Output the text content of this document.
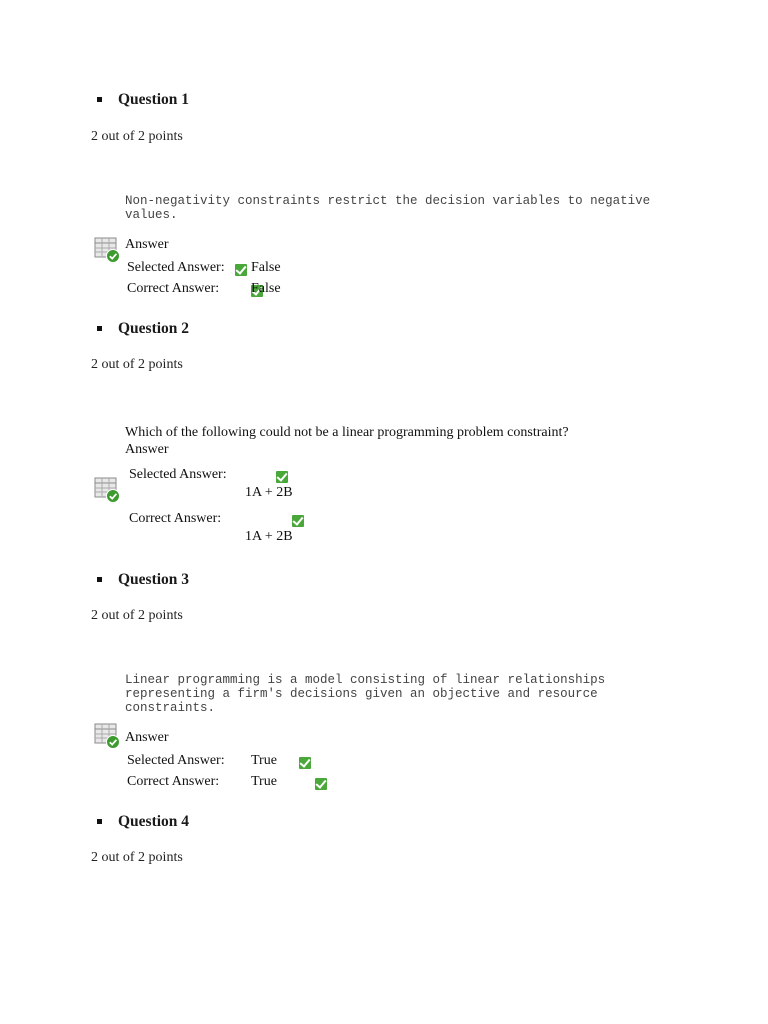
Question 1
2 out of 2 points
Non-negativity constraints restrict the decision variables to negative
values.
Answer
Selected Answer:
False
Correct Answer:
False
Question 2
2 out of 2 points
Which of the following could not be a linear programming problem constraint?
Answer
Selected Answer:

1A + 2B
Correct Answer:

1A + 2B
Question 3
2 out of 2 points
Linear programming is a model consisting of linear relationships
representing a firm's decisions given an objective and resource
constraints.
Answer
Selected Answer:
True
Correct Answer: True
Question 4
2 out of 2 points
